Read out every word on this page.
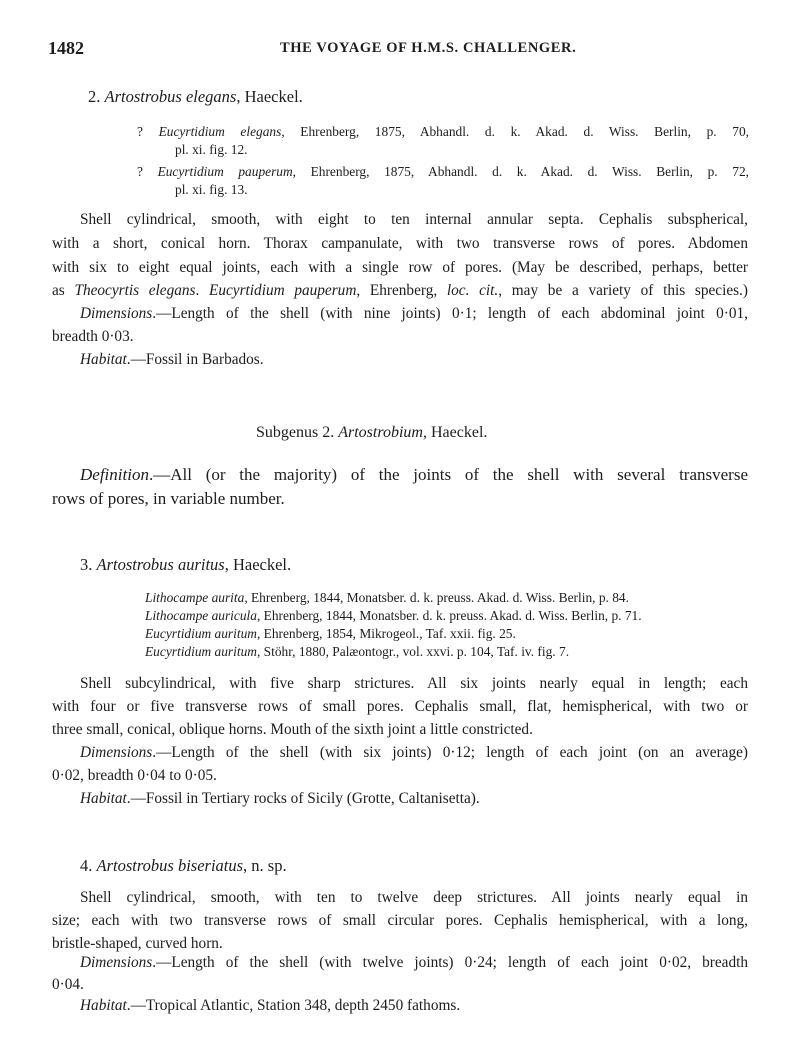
1482	THE VOYAGE OF H.M.S. CHALLENGER.
2. Artostrobus elegans, Haeckel.
? Eucyrtidium elegans, Ehrenberg, 1875, Abhandl. d. k. Akad. d. Wiss. Berlin, p. 70,
pl. xi. fig. 12.
? Eucyrtidium pauperum, Ehrenberg, 1875, Abhandl. d. k. Akad. d. Wiss. Berlin, p. 72,
pl. xi. fig. 13.
Shell cylindrical, smooth, with eight to ten internal annular septa. Cephalis subspherical,
with a short, conical horn. Thorax campanulate, with two transverse rows of pores. Abdomen
with six to eight equal joints, each with a single row of pores. (May be described, perhaps, better
as Theocyrtis elegans. Eucyrtidium pauperum, Ehrenberg, loc. cit., may be a variety of this species.)
Dimensions.—Length of the shell (with nine joints) 0·1; length of each abdominal joint 0·01,
breadth 0·03.
Habitat.—Fossil in Barbados.
Subgenus 2. Artostrobium, Haeckel.
Definition.—All (or the majority) of the joints of the shell with several transverse
rows of pores, in variable number.
3. Artostrobus auritus, Haeckel.
Lithocampe aurita, Ehrenberg, 1844, Monatsber. d. k. preuss. Akad. d. Wiss. Berlin, p. 84.
Lithocampe auricula, Ehrenberg, 1844, Monatsber. d. k. preuss. Akad. d. Wiss. Berlin, p. 71.
Eucyrtidium auritum, Ehrenberg, 1854, Mikrogeol., Taf. xxii. fig. 25.
Eucyrtidium auritum, Stöhr, 1880, Palæontogr., vol. xxvi. p. 104, Taf. iv. fig. 7.
Shell subcylindrical, with five sharp strictures. All six joints nearly equal in length; each
with four or five transverse rows of small pores. Cephalis small, flat, hemispherical, with two or
three small, conical, oblique horns. Mouth of the sixth joint a little constricted.
Dimensions.—Length of the shell (with six joints) 0·12; length of each joint (on an average)
0·02, breadth 0·04 to 0·05.
Habitat.—Fossil in Tertiary rocks of Sicily (Grotte, Caltanisetta).
4. Artostrobus biseriatus, n. sp.
Shell cylindrical, smooth, with ten to twelve deep strictures. All joints nearly equal in
size; each with two transverse rows of small circular pores. Cephalis hemispherical, with a long,
bristle-shaped, curved horn.
Dimensions.—Length of the shell (with twelve joints) 0·24; length of each joint 0·02, breadth
0·04.
Habitat.—Tropical Atlantic, Station 348, depth 2450 fathoms.
